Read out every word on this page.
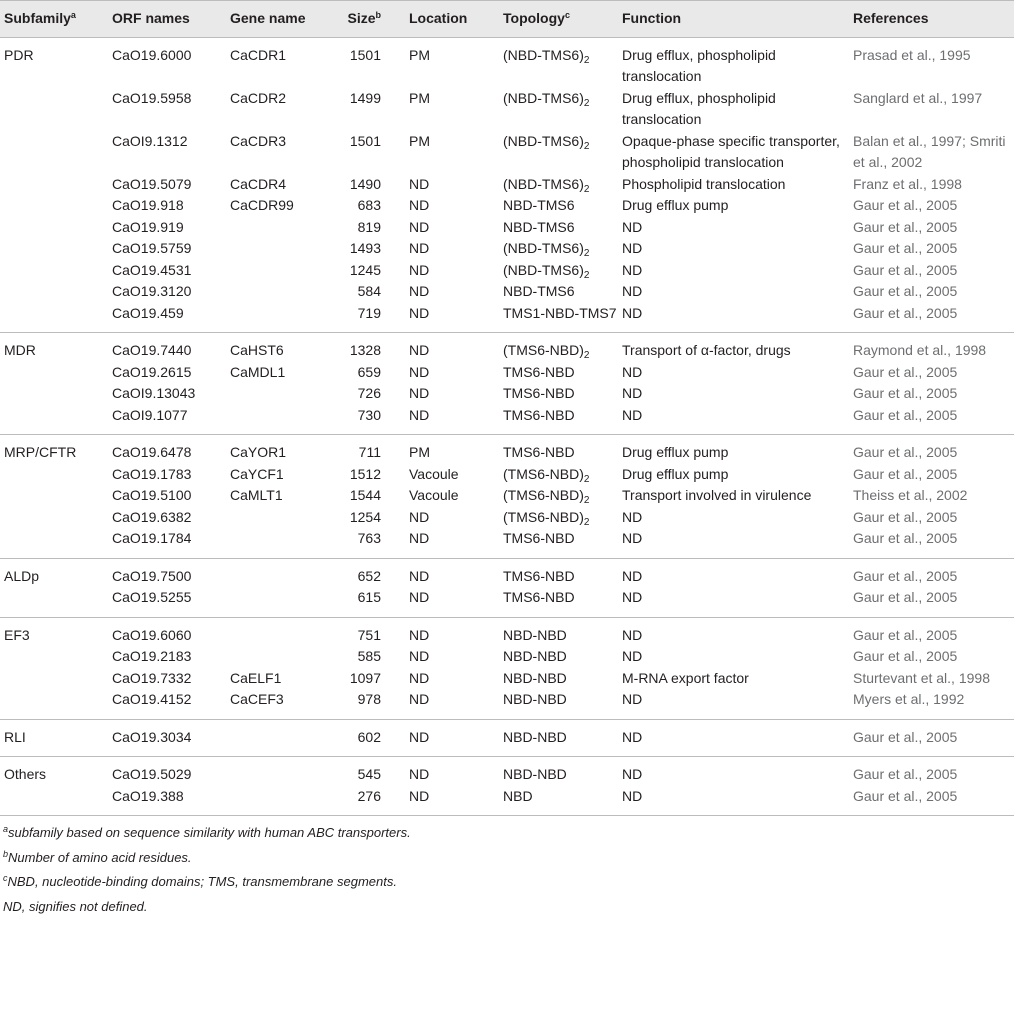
Subfamily$^a$	ORF names	Gene name	Size$^b$	Location	Topology$^c$	Function	References
PDR	CaO19.6000	CaCDR1	1501	PM	$(NBD-TMS6)_2$	Drug efflux, phospholipid translocation	Prasad et al., 1995
	CaO19.5958	CaCDR2	1499	PM	$(NBD-TMS6)_2$	Drug efflux, phospholipid translocation	Sanglard et al., 1997
	CaOI9.1312	CaCDR3	1501	PM	$(NBD-TMS6)_2$	Opaque-phase specific transporter, phospholipid translocation	Balan et al., 1997; Smriti et al., 2002
	CaO19.5079	CaCDR4	1490	ND	$(NBD-TMS6)_2$	Phospholipid translocation	Franz et al., 1998
	CaO19.918	CaCDR99	683	ND	NBD-TMS6	Drug efflux pump	Gaur et al., 2005
	CaO19.919		819	ND	NBD-TMS6	ND	Gaur et al., 2005
	CaO19.5759		1493	ND	$(NBD-TMS6)_2$	ND	Gaur et al., 2005
	CaO19.4531		1245	ND	$(NBD-TMS6)_2$	ND	Gaur et al., 2005
	CaO19.3120		584	ND	NBD-TMS6	ND	Gaur et al., 2005
	CaO19.459		719	ND	TMS1-NBD-TMS7	ND	Gaur et al., 2005
MDR	CaO19.7440	CaHST6	1328	ND	$(TMS6-NBD)_2$	Transport of α-factor, drugs	Raymond et al., 1998
	CaO19.2615	CaMDL1	659	ND	TMS6-NBD	ND	Gaur et al., 2005
	CaOI9.13043		726	ND	TMS6-NBD	ND	Gaur et al., 2005
	CaOI9.1077		730	ND	TMS6-NBD	ND	Gaur et al., 2005
MRP/CFTR	CaO19.6478	CaYOR1	711	PM	TMS6-NBD	Drug efflux pump	Gaur et al., 2005
	CaO19.1783	CaYCF1	1512	Vacoule	$(TMS6-NBD)_2$	Drug efflux pump	Gaur et al., 2005
	CaO19.5100	CaMLT1	1544	Vacoule	$(TMS6-NBD)_2$	Transport involved in virulence	Theiss et al., 2002
	CaO19.6382		1254	ND	$(TMS6-NBD)_2$	ND	Gaur et al., 2005
	CaO19.1784		763	ND	TMS6-NBD	ND	Gaur et al., 2005
ALDp	CaO19.7500		652	ND	TMS6-NBD	ND	Gaur et al., 2005
	CaO19.5255		615	ND	TMS6-NBD	ND	Gaur et al., 2005
EF3	CaO19.6060		751	ND	NBD-NBD	ND	Gaur et al., 2005
	CaO19.2183		585	ND	NBD-NBD	ND	Gaur et al., 2005
	CaO19.7332	CaELF1	1097	ND	NBD-NBD	M-RNA export factor	Sturtevant et al., 1998
	CaO19.4152	CaCEF3	978	ND	NBD-NBD	ND	Myers et al., 1992
RLI	CaO19.3034		602	ND	NBD-NBD	ND	Gaur et al., 2005
Others	CaO19.5029		545	ND	NBD-NBD	ND	Gaur et al., 2005
	CaO19.388		276	ND	NBD	ND	Gaur et al., 2005
$^a$subfamily based on sequence similarity with human ABC transporters.
$^b$Number of amino acid residues.
$^c$NBD, nucleotide-binding domains; TMS, transmembrane segments.
ND, signifies not defined.
